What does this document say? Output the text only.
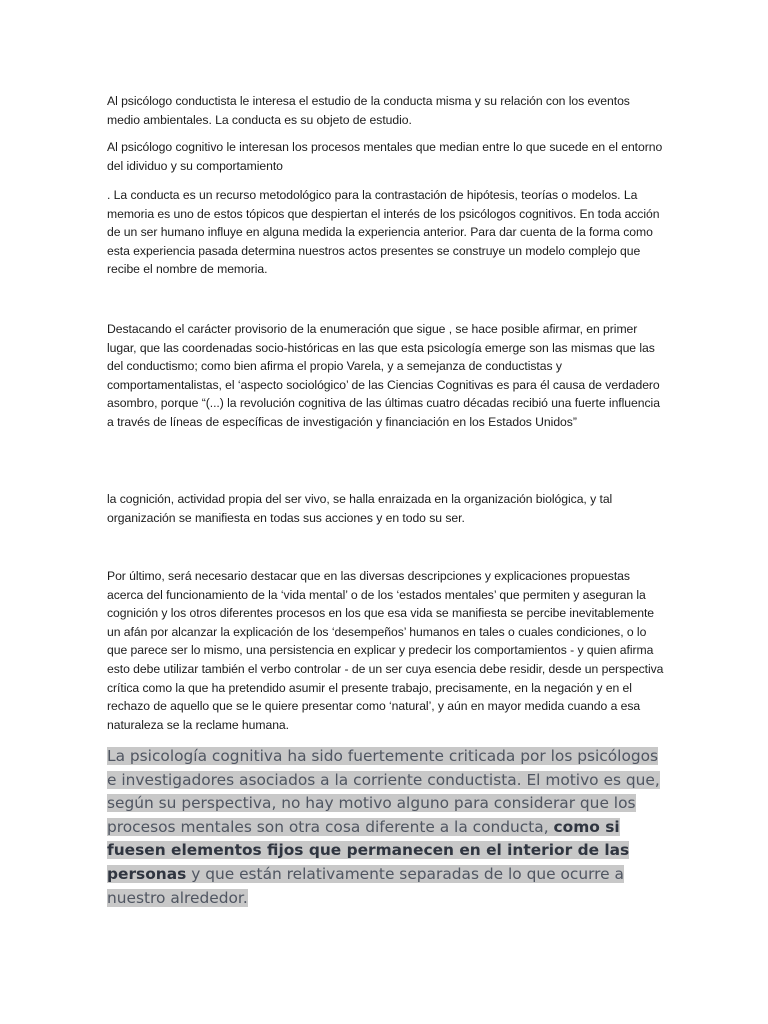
Al psicólogo conductista le interesa el estudio de la conducta misma y su relación con los eventos medio ambientales. La conducta es su objeto de estudio.

Al psicólogo cognitivo le interesan los procesos mentales que median entre lo que sucede en el entorno del idividuo y su comportamiento

. La conducta es un recurso metodológico para la contrastación de hipótesis, teorías o modelos. La memoria es uno de estos tópicos que despiertan el interés de los psicólogos cognitivos. En toda acción de un ser humano influye en alguna medida la experiencia anterior. Para dar cuenta de la forma como esta experiencia pasada determina nuestros actos presentes se construye un modelo complejo que recibe el nombre de memoria.

Destacando el carácter provisorio de la enumeración que sigue , se hace posible afirmar, en primer lugar, que las coordenadas socio-históricas en las que esta psicología emerge son las mismas que las del conductismo; como bien afirma el propio Varela, y a semejanza de conductistas y comportamentalistas, el ‘aspecto sociológico’ de las Ciencias Cognitivas es para él causa de verdadero asombro, porque “(...) la revolución cognitiva de las últimas cuatro décadas recibió una fuerte influencia a través de líneas de específicas de investigación y financiación en los Estados Unidos”

la cognición, actividad propia del ser vivo, se halla enraizada en la organización biológica, y tal organización se manifiesta en todas sus acciones y en todo su ser.

Por último, será necesario destacar que en las diversas descripciones y explicaciones propuestas acerca del funcionamiento de la ‘vida mental’ o de los ‘estados mentales’ que permiten y aseguran la cognición y los otros diferentes procesos en los que esa vida se manifiesta se percibe inevitablemente un afán por alcanzar la explicación de los ‘desempeños’ humanos en tales o cuales condiciones, o lo que parece ser lo mismo, una persistencia en explicar y predecir los comportamientos - y quien afirma esto debe utilizar también el verbo controlar - de un ser cuya esencia debe residir, desde un perspectiva crítica como la que ha pretendido asumir el presente trabajo, precisamente, en la negación y en el rechazo de aquello que se le quiere presentar como ‘natural’, y aún en mayor medida cuando a esa naturaleza se la reclame humana.

La psicología cognitiva ha sido fuertemente criticada por los psicólogos e investigadores asociados a la corriente conductista. El motivo es que, según su perspectiva, no hay motivo alguno para considerar que los procesos mentales son otra cosa diferente a la conducta, como si fuesen elementos fijos que permanecen en el interior de las personas y que están relativamente separadas de lo que ocurre a nuestro alrededor.
